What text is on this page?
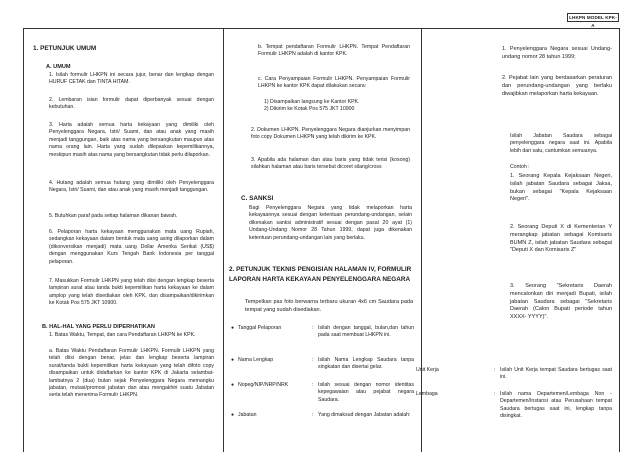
LHKPN MODEL KPK-A
1. PETUNJUK UMUM
A. UMUM
1. Isilah formulir LHKPN ini secara jujur, benar dan lengkap dengan HURUF CETAK dan TINTA HITAM.
2. Lembaran isian formulir dapat diperbanyak sesuai dengan kebutuhan.
3. Harta adalah semua harta kekayaan yang dimiliki oleh Penyelenggara Negara, Istri/ Suami, dan atau anak yang masih menjadi tanggungan, baik atas nama yang bersangkutan maupun atas nama orang lain. Harta yang sudah dilepaskan kepemilikannya, meskipun masih atas nama yang bersangkutan tidak perlu dilaporkan.
4. Hutang adalah semua hutang yang dimiliki oleh Penyelenggara Negara, Istri/ Suami, dan atau anak yang masih menjadi tanggungan.
5. Butuhkan paraf pada setiap halaman dikanan bawah.
6. Pelaporan harta kekayaan menggunakan mata uang Rupiah, sedangkan kekayaan dalam bentuk mata uang asing dilaporkan dalam (dikonversikan menjadi) mata uang Dollar Amerika Serikat (US$) dengan menggunakan Kurs Tengah Bank Indonesia per tanggal pelaporan.
7. Masukkan Formulir LHKPN yang telah diisi dengan lengkap beserta lampiran surat atau tanda bukti kepemilikan harta kekayaan ke dalam amplop yang telah disediakan oleh KPK, dan disampaikan/dikirimkan ke Kotak Pos 575 JKT 10900.
B. HAL-HAL YANG PERLU DIPERHATIKAN
1. Batas Waktu, Tempat, dan cara Pendaftaran LHKPN ke KPK.
a. Batas Waktu Pendaftaran Formulir LHKPN. Formulir LHKPN yang telah diisi dengan benar, jelas dan lengkap beserta lampiran surat/tanda bukti kepemilikan harta kekayaan yang telah difoto copy disampaikan untuk didaftarkan ke kantor KPK di Jakarta selambat-lambatnya 2 (dua) bulan sejak Penyelenggara Negara memangku jabatan, mutasi/promosi jabatan dan atau mengakhiri suatu Jabatan serta telah menerima Formulir LHKPN.
b. Tempat pendaftaran Formulir LHKPN. Tempat Pendaftaran Formulir LHKPN adalah di kantor KPK.
c. Cara Penyampaian Formulir LHKPN. Penyampaian Formulir LHKPN ke kantor KPK dapat dilakukan secara:
1) Disampaikan langsung ke Kantor KPK.
2) Dikirim ke Kotak Pos 575 JKT 10900
2. Dokumen LHKPN. Penyelenggara Negara dianjurkan menyimpan foto copy Dokumen LHKPN yang telah dikirim ke KPK.
3. Apabila ada halaman dan atau baris yang tidak terisi (kosong) silahkan halaman atau baris tersebut dicoret silang/cross
C. SANKSI
Bagi Penyelenggara Negara yang tidak melaporkan harta kekayaannya sesuai dengan ketentuan perundang-undangan, selain dikenakan sanksi administratif sesuai dengan pasal 20 ayat (1) Undang-Undang Nomor 28 Tahun 1999, dapat juga dikenakan ketentuan perundang-undangan lain yang berlaku.
2. PETUNJUK TEKNIS PENGISIAN HALAMAN IV, FORMULIR LAPORAN HARTA KEKAYAAN PENYELENGGARA NEGARA
Tempelkan pas foto berwarna terbaru ukuran 4x6 cm Saudara pada tempat yang sudah disediakan.
● Tanggal Pelaporan	: Isilah dengan tanggal, bulan,dan tahun pada saat membuat LHKPN ini.
● Nama Lengkap	: Isilah Nama Lengkap Saudara tanpa singkatan dan disertai gelar.
● Nopeg/NIP/NRP/NRK	: Isilah sesuai dengan nomor identitas kepegawaian atau pejabat negara Saudara.
● Jabatan	: Yang dimaksud dengan Jabatan adalah:
1. Penyelenggara Negara sesuai Undang-undang nomor 28 tahun 1999;
2. Pejabat lain yang berdasarkan peraturan dan perundang-undangan yang berlaku diwajibkan melaporkan harta kekayaan.
Isilah Jabatan Saudara sebagai penyelenggara negara saat ini. Apabila lebih dari satu, cantumkan semuanya.
Contoh :
1. Seorang Kepala Kejaksaan Negeri, isilah jabatan Saudara sebagai Jaksa, bukan sebagai "Kepala Kejaksaan Negeri".
2. Seorang Deputi X di Kementerian Y merangkap jabatan sebagai Komisaris BUMN Z, isilah jabatan Saudara sebagai "Deputi X dan Komisaris Z"
3. Seorang "Sekretaris Daerah mencalonkan diri menjadi Bupati, isilah jabatan Saudara sebagai "Sekretaris Daerah (Calon Bupati periode tahun XXXX- YYYY)".
Unit Kerja	: Isilah Unit Kerja tempat Saudara bertugas saat ini.
Lembaga	: Isilah nama Departemen/Lembaga Non - Departemen/Instansi atau Perusahaan tempat Saudara bertugas saat ini, lengkap tanpa disingkat.
